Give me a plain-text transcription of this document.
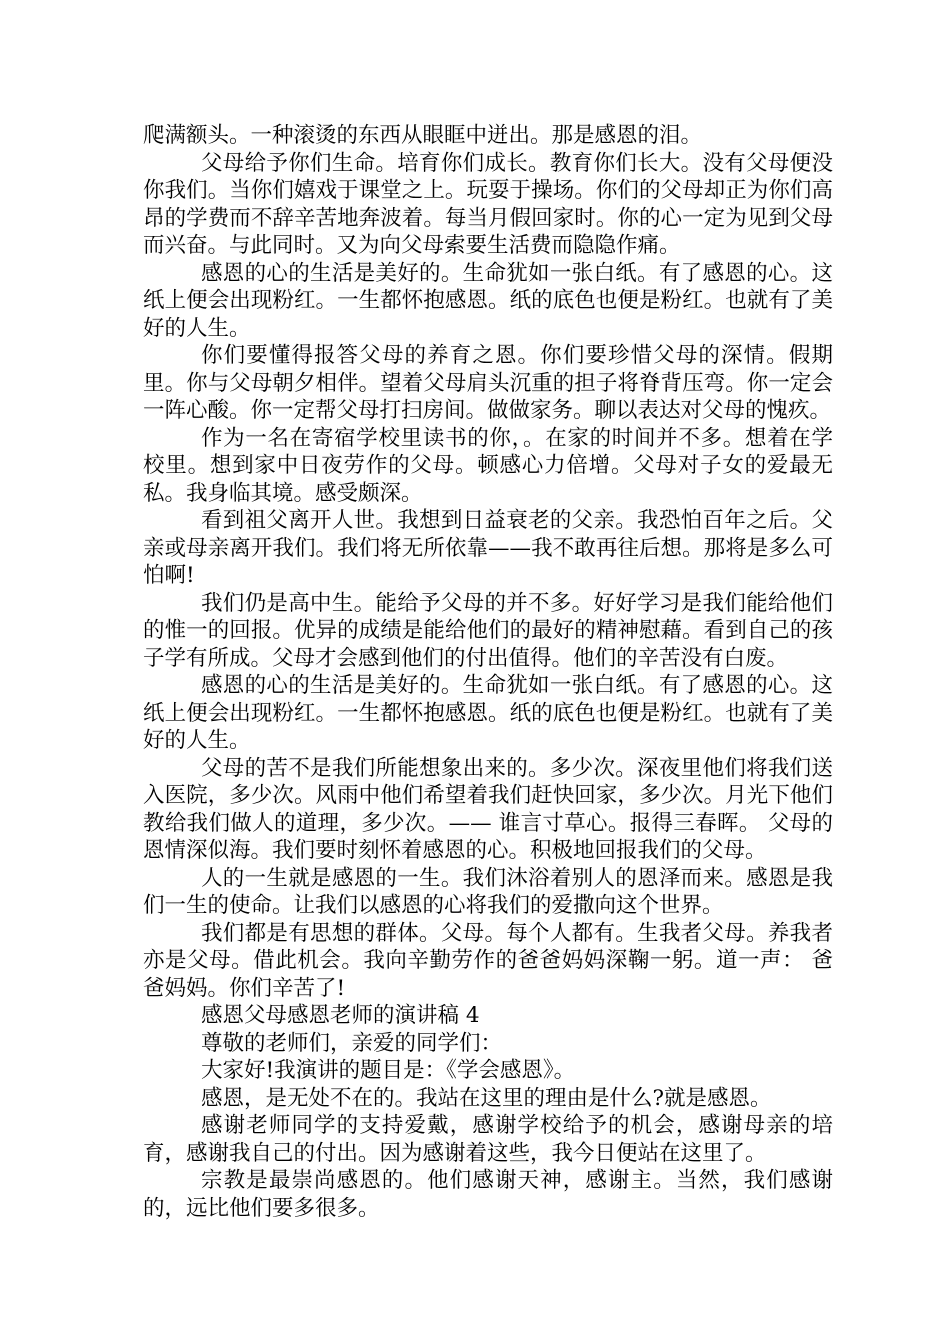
爬满额头。一种滚烫的东西从眼眶中迸出。那是感恩的泪。

父母给予你们生命。培育你们成长。教育你们长大。没有父母便没你我们。当你们嬉戏于课堂之上。玩耍于操场。你们的父母却正为你们高昂的学费而不辞辛苦地奔波着。每当月假回家时。你的心一定为见到父母而兴奋。与此同时。又为向父母索要生活费而隐隐作痛。

感恩的心的生活是美好的。生命犹如一张白纸。有了感恩的心。这纸上便会出现粉红。一生都怀抱感恩。纸的底色也便是粉红。也就有了美好的人生。

你们要懂得报答父母的养育之恩。你们要珍惜父母的深情。假期里。你与父母朝夕相伴。望着父母肩头沉重的担子将脊背压弯。你一定会一阵心酸。你一定帮父母打扫房间。做做家务。聊以表达对父母的愧疚。

作为一名在寄宿学校里读书的你，。在家的时间并不多。想着在学校里。想到家中日夜劳作的父母。顿感心力倍增。父母对子女的爱最无私。我身临其境。感受颇深。

看到祖父离开人世。我想到日益衰老的父亲。我恐怕百年之后。父亲或母亲离开我们。我们将无所依靠——我不敢再往后想。那将是多么可怕啊!

我们仍是高中生。能给予父母的并不多。好好学习是我们能给他们的惟一的回报。优异的成绩是能给他们的最好的精神慰藉。看到自己的孩子学有所成。父母才会感到他们的付出值得。他们的辛苦没有白废。

感恩的心的生活是美好的。生命犹如一张白纸。有了感恩的心。这纸上便会出现粉红。一生都怀抱感恩。纸的底色也便是粉红。也就有了美好的人生。

父母的苦不是我们所能想象出来的。多少次。深夜里他们将我们送入医院，多少次。风雨中他们希望着我们赶快回家，多少次。月光下他们教给我们做人的道理，多少次。—— 谁言寸草心。报得三春晖。 父母的恩情深似海。我们要时刻怀着感恩的心。积极地回报我们的父母。

人的一生就是感恩的一生。我们沐浴着别人的恩泽而来。感恩是我们一生的使命。让我们以感恩的心将我们的爱撒向这个世界。

我们都是有思想的群体。父母。每个人都有。生我者父母。养我者亦是父母。借此机会。我向辛勤劳作的爸爸妈妈深鞠一躬。道一声： 爸爸妈妈。你们辛苦了!

感恩父母感恩老师的演讲稿 4

尊敬的老师们，亲爱的同学们：

大家好!我演讲的题目是：《学会感恩》。

感恩，是无处不在的。我站在这里的理由是什么?就是感恩。

感谢老师同学的支持爱戴，感谢学校给予的机会，感谢母亲的培育，感谢我自己的付出。因为感谢着这些，我今日便站在这里了。

宗教是最崇尚感恩的。他们感谢天神，感谢主。当然，我们感谢的，远比他们要多很多。
